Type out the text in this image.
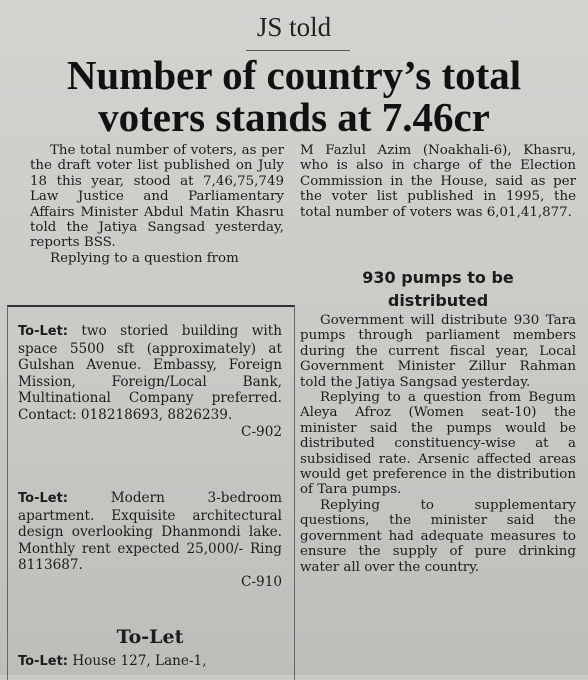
JS told
Number of country’s total
voters stands at 7.46cr

The total number of voters, as per the draft voter list published on July 18 this year, stood at 7,46,75,749 Law Justice and Parliamentary Affairs Minister Abdul Matin Khasru told the Jatiya Sangsad yesterday, reports BSS.

Replying to a question from

M Fazlul Azim (Noakhali-6), Khasru, who is also in charge of the Election Commission in the House, said as per the voter list published in 1995, the total number of voters was 6,01,41,877.

930 pumps to be
distributed

Government will distribute 930 Tara pumps through parliament members during the current fiscal year, Local Government Minister Zillur Rahman told the Jatiya Sangsad yesterday.

Replying to a question from Begum Aleya Afroz (Women seat-10) the minister said the pumps would be distributed constituency-wise at a subsidised rate. Arsenic affected areas would get preference in the distribution of Tara pumps.

Replying to supplementary questions, the minister said the government had adequate measures to ensure the supply of pure drinking water all over the country.

To-Let: two storied building with space 5500 sft (approximately) at Gulshan Avenue. Embassy, Foreign Mission, Foreign/Local Bank, Multinational Company preferred. Contact: 018218693, 8826239.
C-902

To-Let:	Modern 3-bedroom apartment. Exquisite architectural design overlooking Dhanmondi lake. Monthly rent expected 25,000/- Ring 8113687.
C-910

To-Let

To-Let: House 127, Lane-1,
